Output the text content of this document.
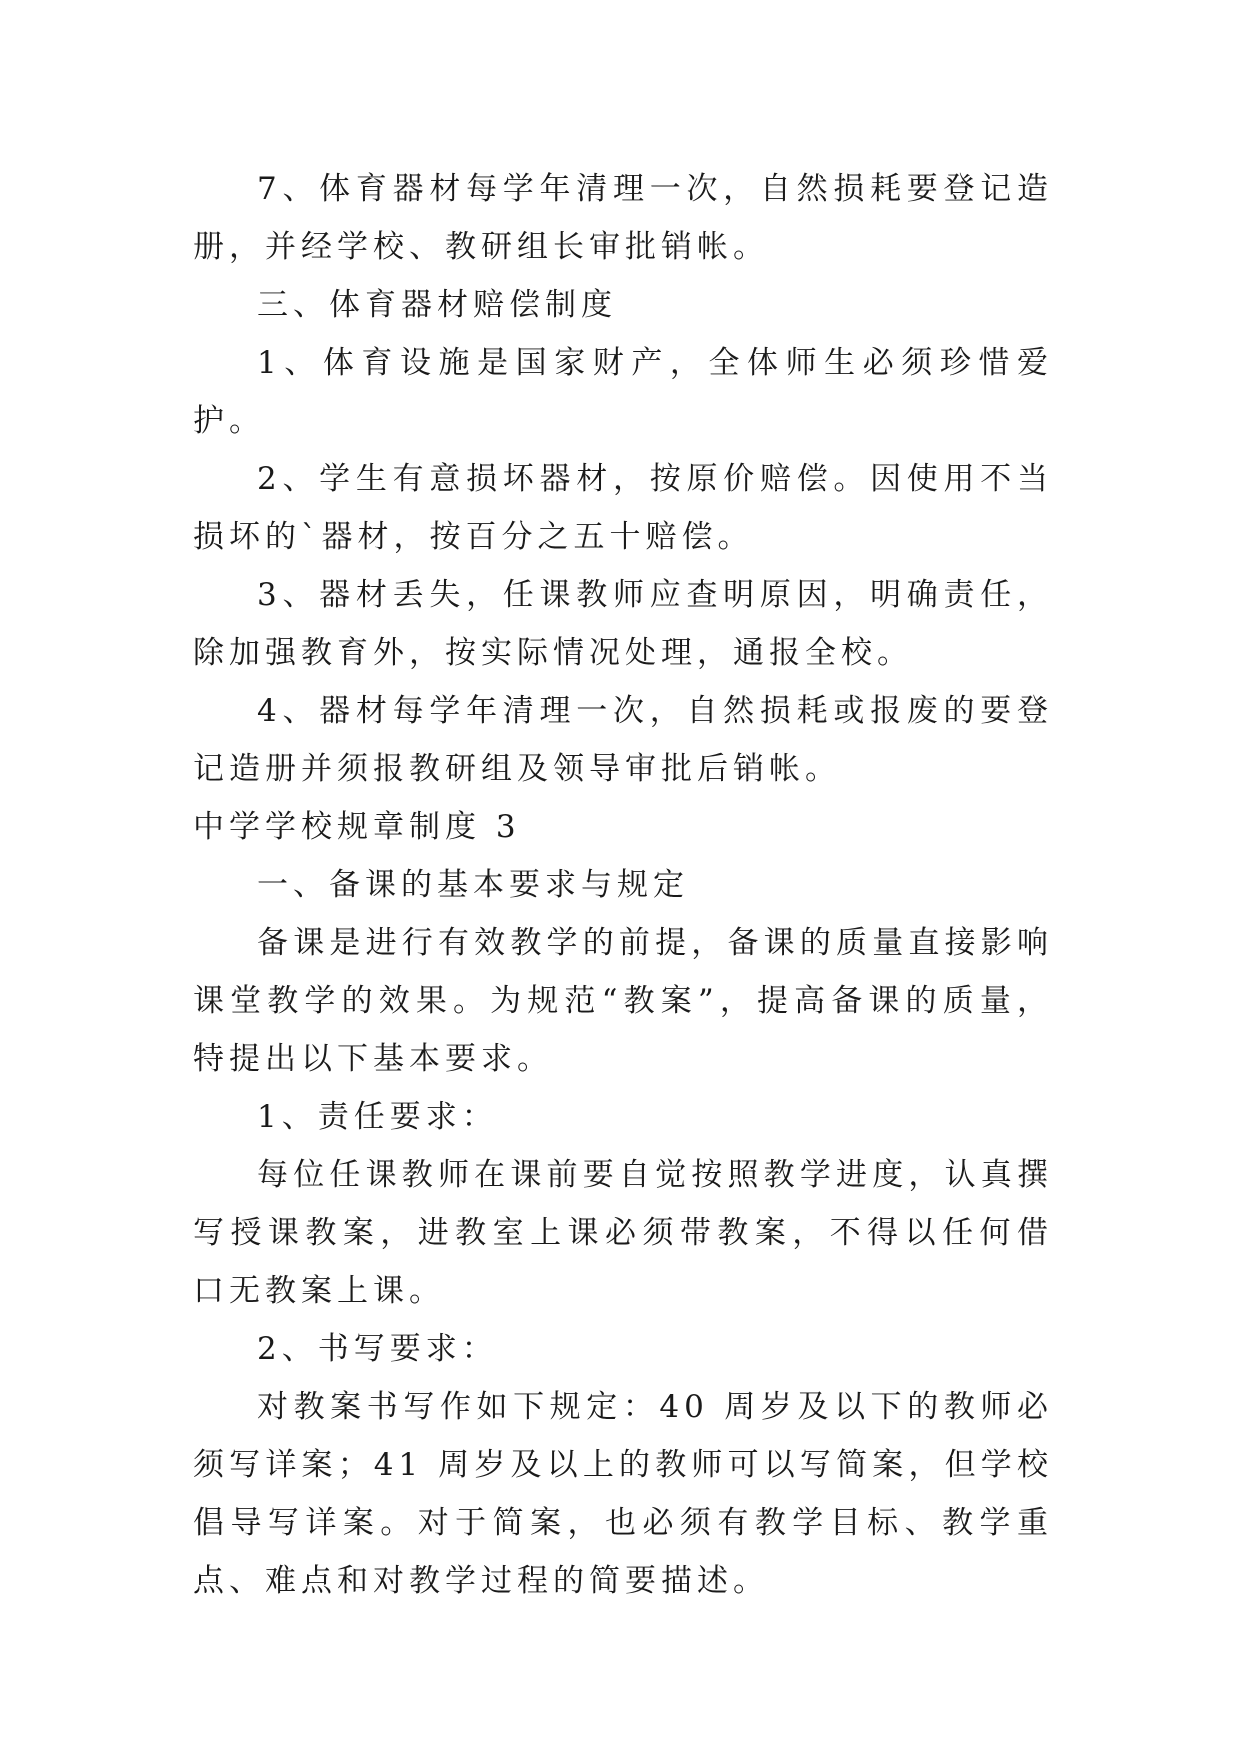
7、体育器材每学年清理一次，自然损耗要登记造册，并经学校、教研组长审批销帐。

三、体育器材赔偿制度

1、体育设施是国家财产，全体师生必须珍惜爱护。

2、学生有意损坏器材，按原价赔偿。因使用不当损坏的`器材，按百分之五十赔偿。

3、器材丢失，任课教师应查明原因，明确责任，除加强教育外，按实际情况处理，通报全校。

4、器材每学年清理一次，自然损耗或报废的要登记造册并须报教研组及领导审批后销帐。

中学学校规章制度 3

一、备课的基本要求与规定

备课是进行有效教学的前提，备课的质量直接影响课堂教学的效果。为规范“教案”，提高备课的质量，特提出以下基本要求。

1、责任要求：

每位任课教师在课前要自觉按照教学进度，认真撰写授课教案，进教室上课必须带教案，不得以任何借口无教案上课。

2、书写要求：

对教案书写作如下规定：40 周岁及以下的教师必须写详案；41 周岁及以上的教师可以写简案，但学校倡导写详案。对于简案，也必须有教学目标、教学重点、难点和对教学过程的简要描述。
